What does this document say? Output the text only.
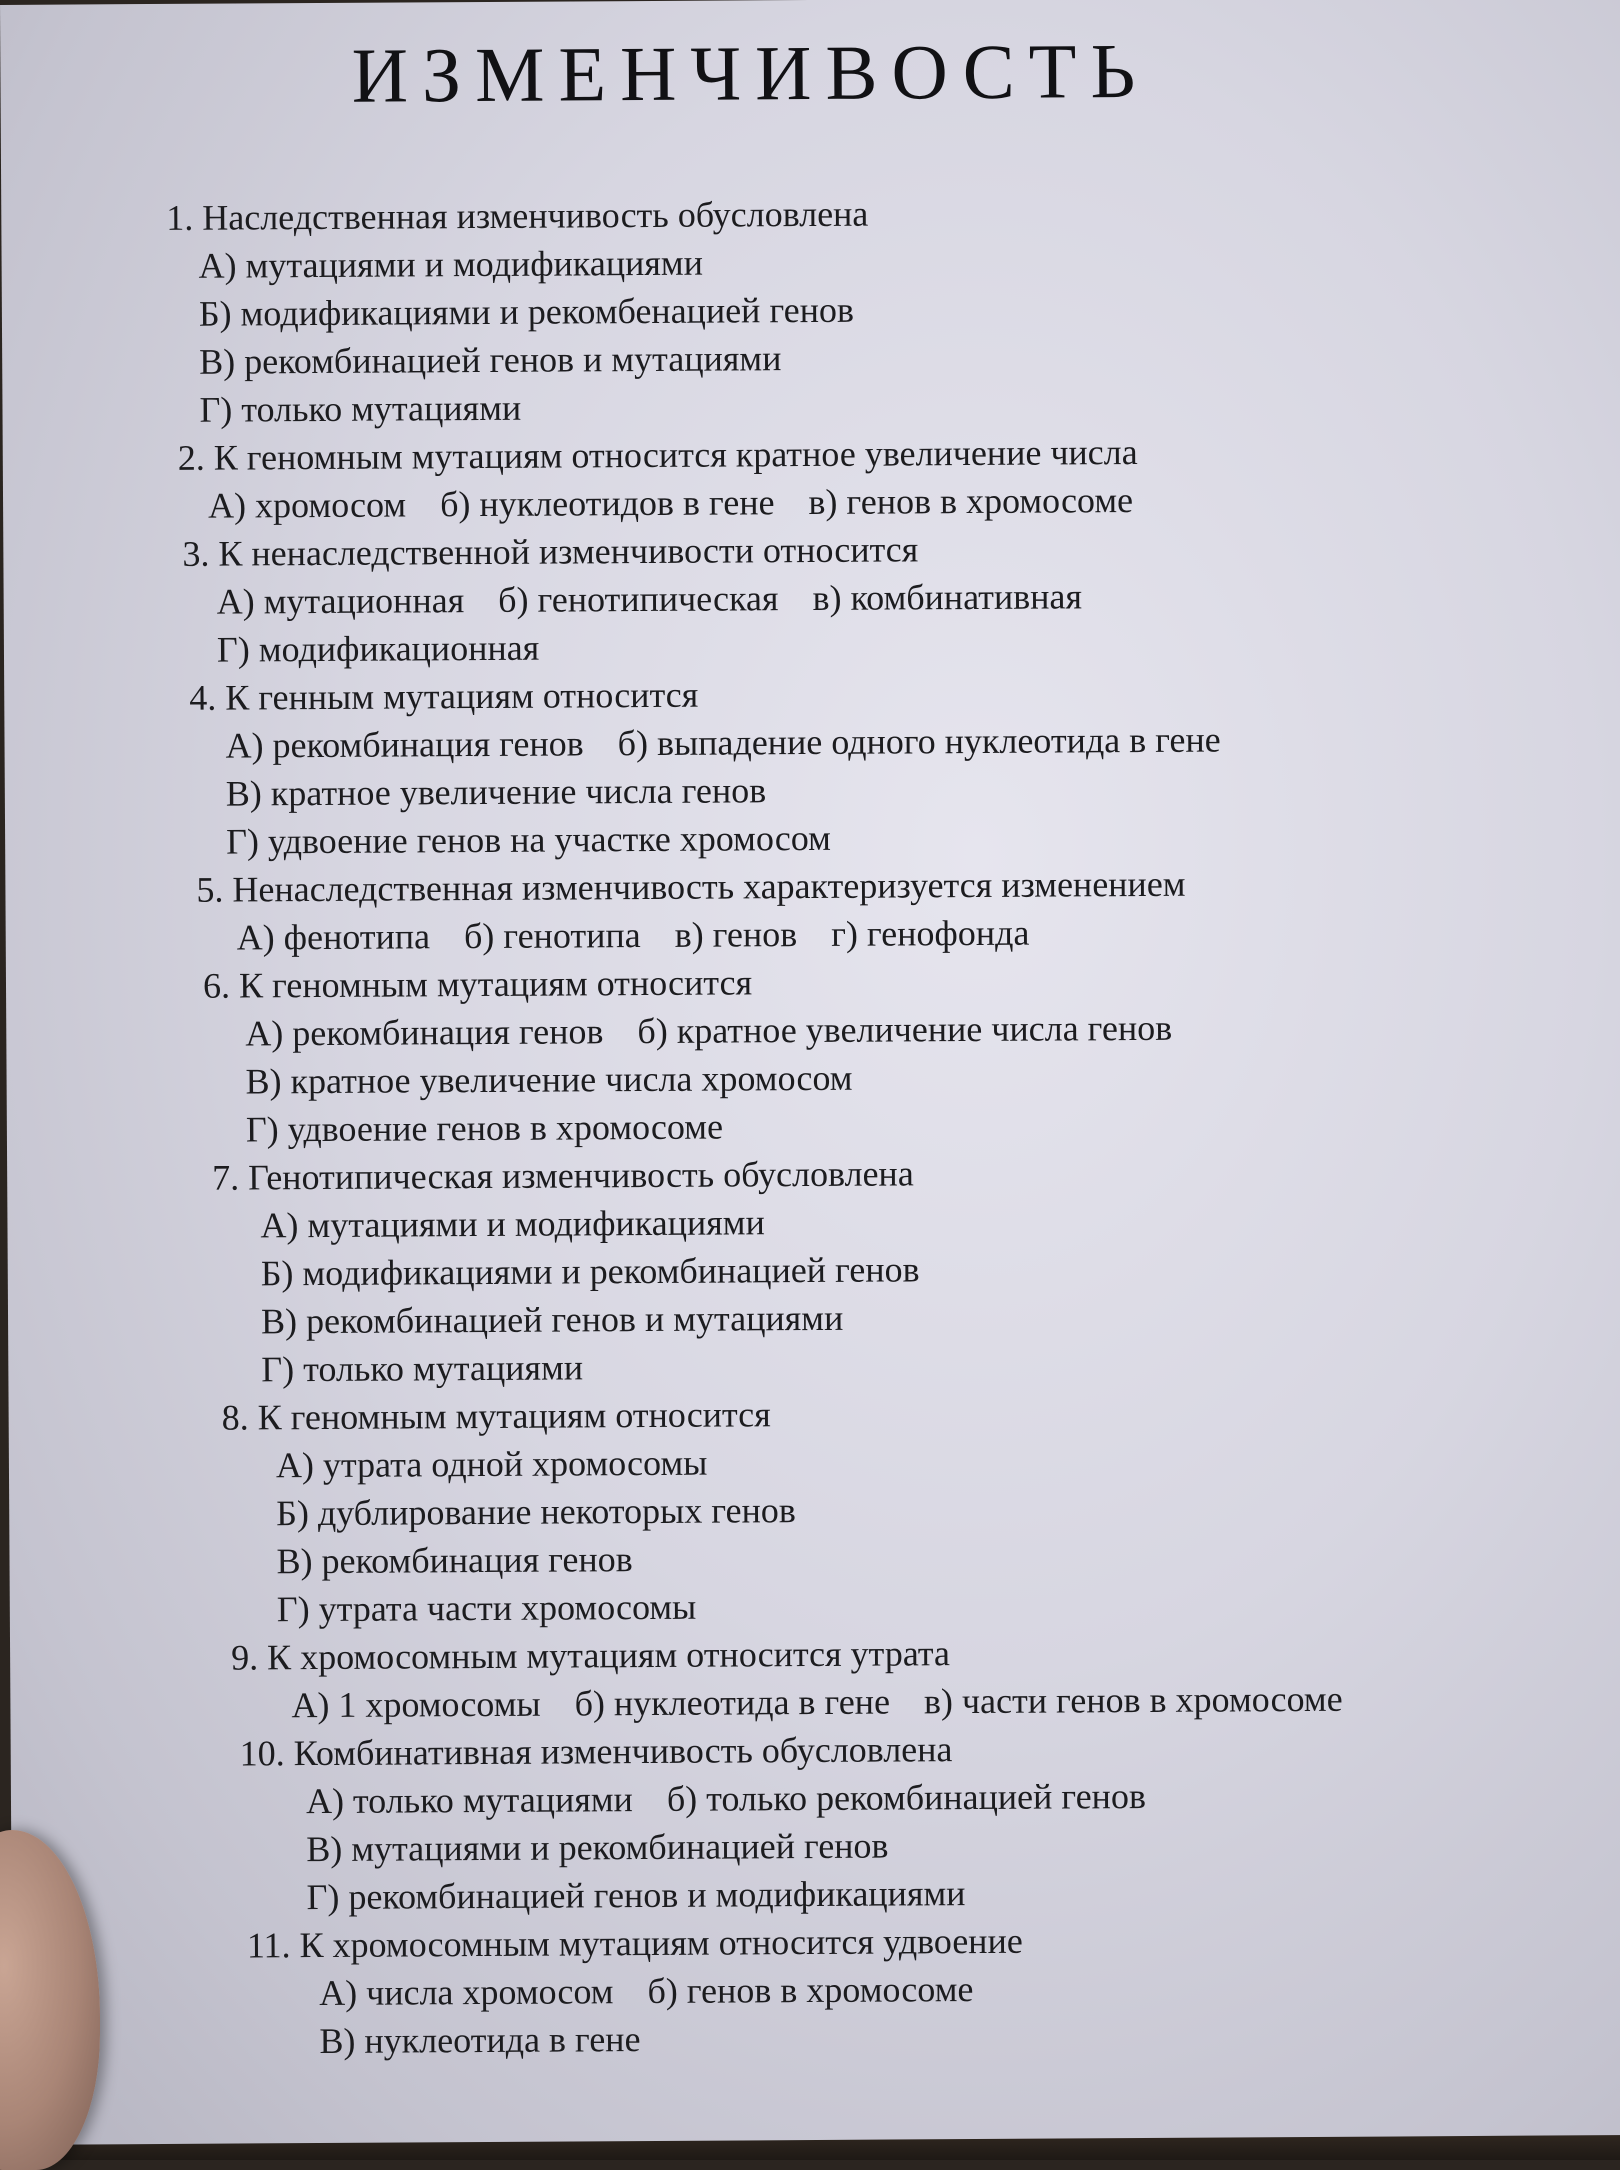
ИЗМЕНЧИВОСТЬ
1. Наследственная изменчивость обусловлена
А) мутациями и модификациями
Б) модификациями и рекомбенацией генов
В) рекомбинацией генов и мутациями
Г) только мутациями
2. К геномным мутациям относится кратное увеличение числа
А) хромосом б) нуклеотидов в гене в) генов в хромосоме
3. К ненаследственной изменчивости относится
А) мутационная б) генотипическая в) комбинативная
Г) модификационная
4. К генным мутациям относится
А) рекомбинация генов б) выпадение одного нуклеотида в гене
В) кратное увеличение числа генов
Г) удвоение генов на участке хромосом
5. Ненаследственная изменчивость характеризуется изменением
А) фенотипа б) генотипа в) генов г) генофонда
6. К геномным мутациям относится
А) рекомбинация генов б) кратное увеличение числа генов
В) кратное увеличение числа хромосом
Г) удвоение генов в хромосоме
7. Генотипическая изменчивость обусловлена
А) мутациями и модификациями
Б) модификациями и рекомбинацией генов
В) рекомбинацией генов и мутациями
Г) только мутациями
8. К геномным мутациям относится
А) утрата одной хромосомы
Б) дублирование некоторых генов
В) рекомбинация генов
Г) утрата части хромосомы
9. К хромосомным мутациям относится утрата
А) 1 хромосомы б) нуклеотида в гене в) части генов в хромосоме
10. Комбинативная изменчивость обусловлена
А) только мутациями б) только рекомбинацией генов
В) мутациями и рекомбинацией генов
Г) рекомбинацией генов и модификациями
11. К хромосомным мутациям относится удвоение
А) числа хромосом б) генов в хромосоме
В) нуклеотида в гене
